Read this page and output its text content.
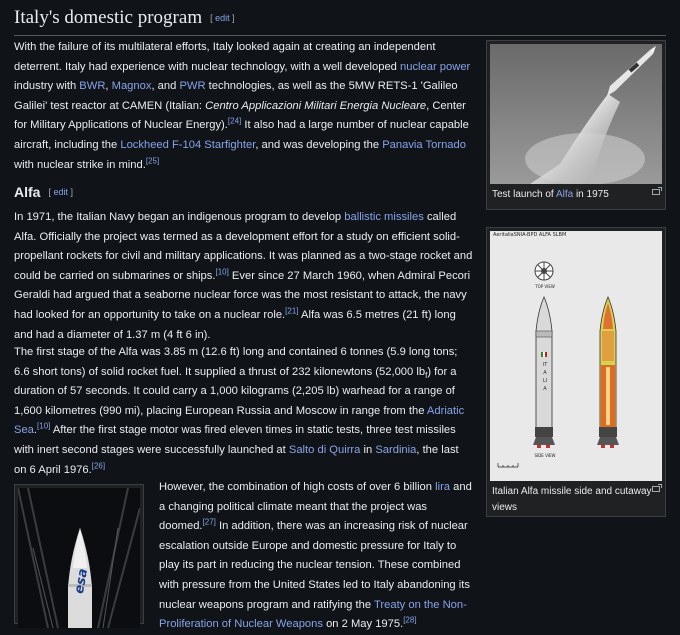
Italy's domestic program [ edit ]

With the failure of its multilateral efforts, Italy looked again at creating an independent deterrent. Italy had experience with nuclear technology, with a well developed nuclear power industry with BWR, Magnox, and PWR technologies, as well as the 5MW RETS-1 'Galileo Galilei' test reactor at CAMEN (Italian: Centro Applicazioni Militari Energia Nucleare, Center for Military Applications of Nuclear Energy).[24] It also had a large number of nuclear capable aircraft, including the Lockheed F-104 Starfighter, and was developing the Panavia Tornado with nuclear strike in mind.[25]

Alfa [ edit ]

In 1971, the Italian Navy began an indigenous program to develop ballistic missiles called Alfa. Officially the project was termed as a development effort for a study on efficient solid-propellant rockets for civil and military applications. It was planned as a two-stage rocket and could be carried on submarines or ships.[10] Ever since 27 March 1960, when Admiral Pecori Geraldi had argued that a seaborne nuclear force was the most resistant to attack, the navy had looked for an opportunity to take on a nuclear role.[21] Alfa was 6.5 metres (21 ft) long and had a diameter of 1.37 m (4 ft 6 in).

The first stage of the Alfa was 3.85 m (12.6 ft) long and contained 6 tonnes (5.9 long tons; 6.6 short tons) of solid rocket fuel. It supplied a thrust of 232 kilonewtons (52,000 $lb_f$) for a duration of 57 seconds. It could carry a 1,000 kilograms (2,205 lb) warhead for a range of 1,600 kilometres (990 mi), placing European Russia and Moscow in range from the Adriatic Sea.[10] After the first stage motor was fired eleven times in static tests, three test missiles with inert second stages were successfully launched at Salto di Quirra in Sardinia, the last on 6 April 1976.[26]

However, the combination of high costs of over 6 billion lira and a changing political climate meant that the project was doomed.[27] In addition, there was an increasing risk of nuclear escalation outside Europe and domestic pressure for Italy to play its part in reducing the nuclear tension. These combined with pressure from the United States led to Italy abandoning its nuclear weapons program and ratifying the Treaty on the Non-Proliferation of Nuclear Weapons on 2 May 1975.[28]

Test launch of Alfa in 1975
AeritaliaSNIA-BPD ALFA SLBM
TOP VIEW
SIDE VIEW
ITALIA
Italian Alfa missile side and cutaway views
esa
